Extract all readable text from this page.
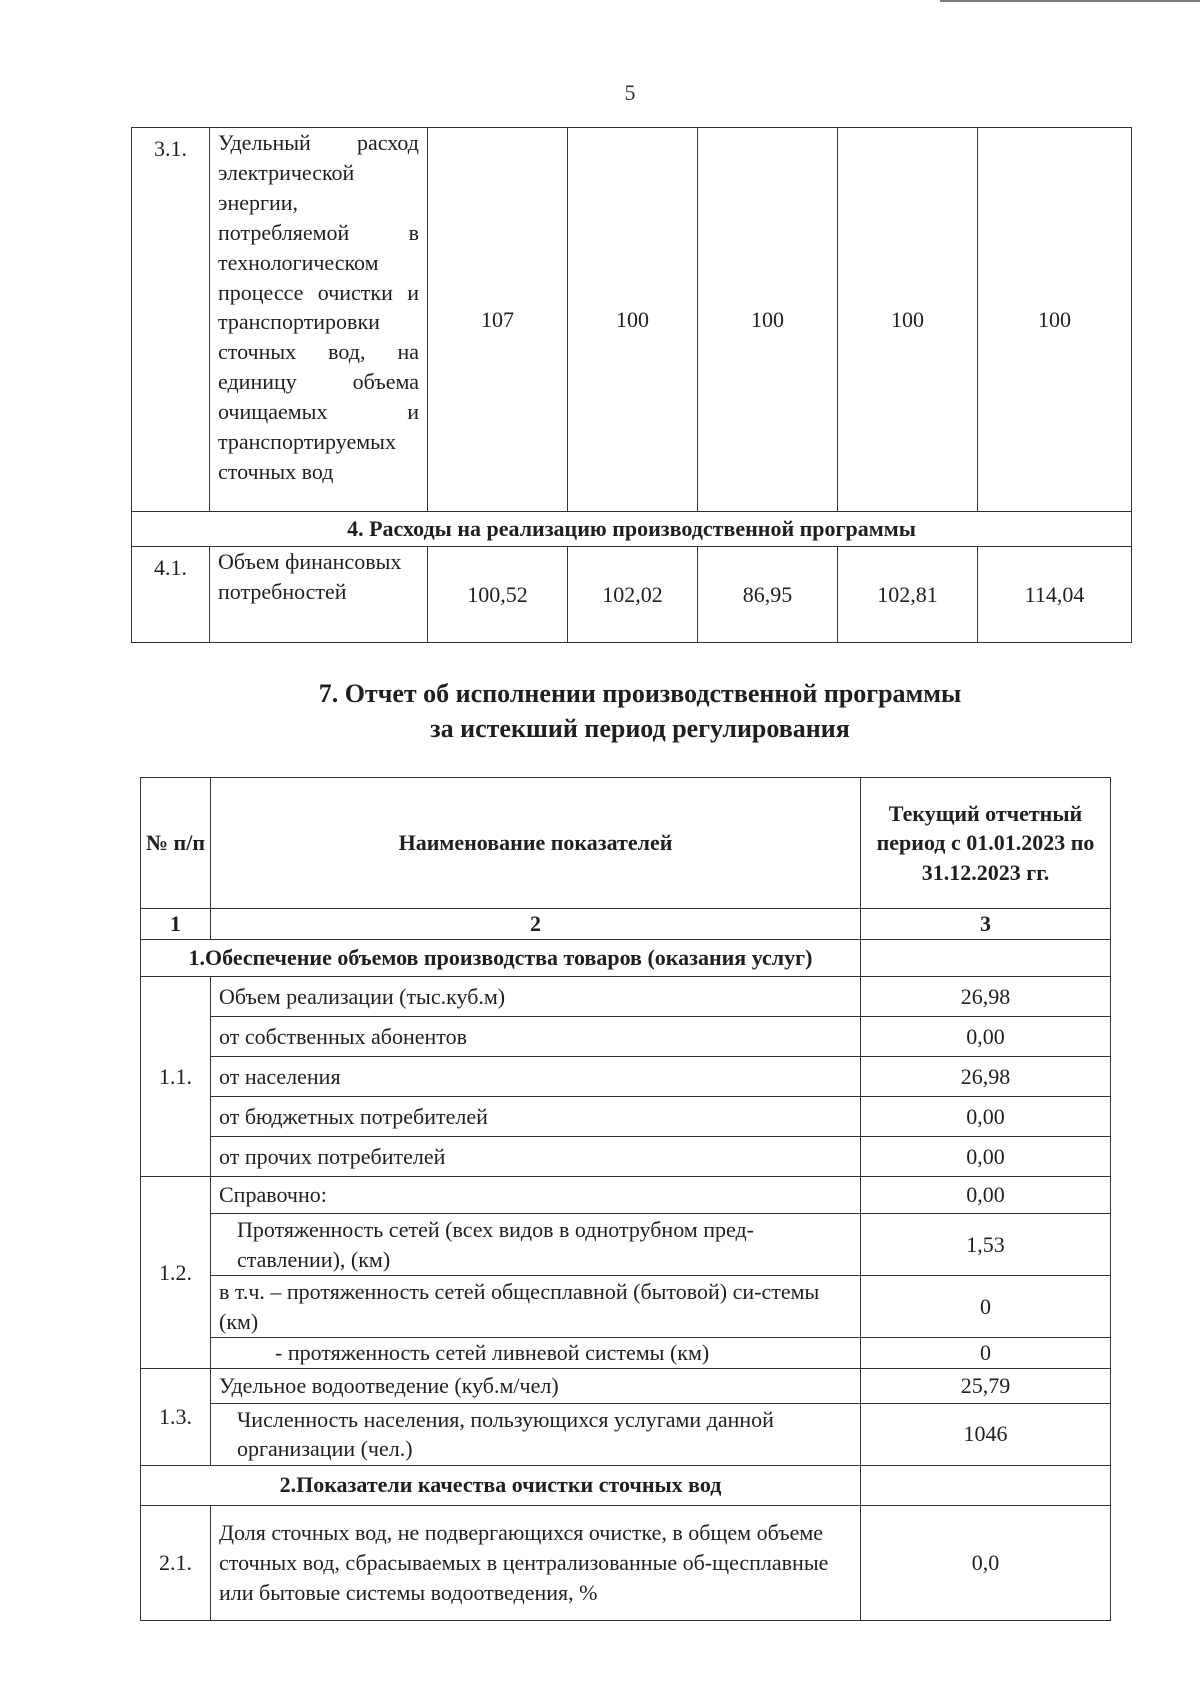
5
3.1.	Удельный расход электрической энергии, потребляемой в технологическом процессе очистки и транспортировки сточных вод, на единицу объема очищаемых и транспортируемых сточных вод	107	100	100	100	100
4. Расходы на реализацию производственной программы						
4.1.	Объем финансовых потребностей	100,52	102,02	86,95	102,81	114,04
7. Отчет об исполнении производственной программы
за истекший период регулирования
№ п/п	Наименование показателей	Текущий отчетный период с 01.01.2023 по 31.12.2023 гг.
1	2	3
1.Обеспечение объемов производства товаров (оказания услуг)		
1.1.	Объем реализации (тыс.куб.м)	26,98
	от собственных абонентов	0,00
	от населения	26,98
	от бюджетных потребителей	0,00
	от прочих потребителей	0,00
1.2.	Справочно:	0,00
	Протяженность сетей (всех видов в однотрубном пред-ставлении), (км)	1,53
	в т.ч. – протяженность сетей общесплавной (бытовой) си-стемы (км)	0
	- протяженность сетей ливневой системы (км)	0
1.3.	Удельное водоотведение (куб.м/чел)	25,79
	Численность населения, пользующихся услугами данной организации (чел.)	1046
2.Показатели качества очистки сточных вод		
2.1.	Доля сточных вод, не подвергающихся очистке, в общем объеме сточных вод, сбрасываемых в централизованные об-щесплавные или бытовые системы водоотведения, %	0,0
